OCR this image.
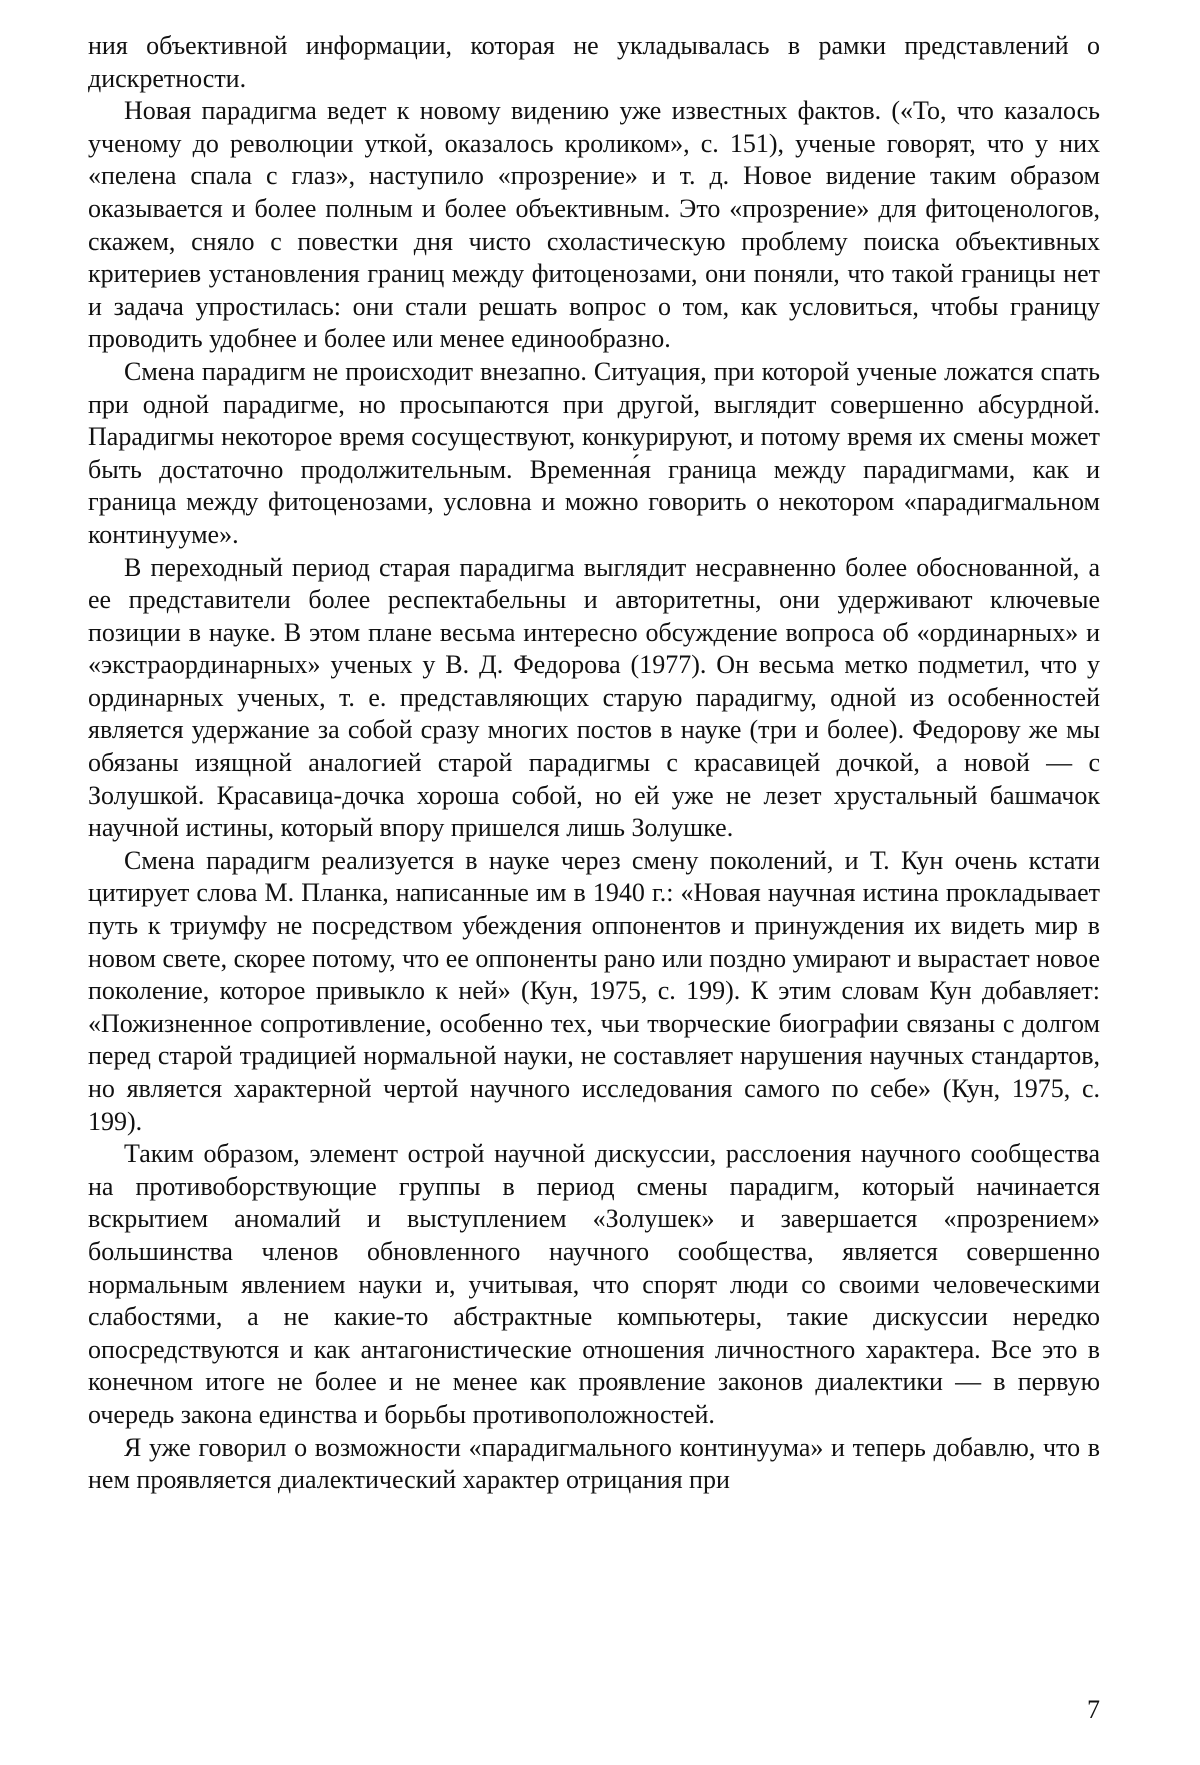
ния объективной информации, которая не укладывалась в рамки представлений о дискретности.

Новая парадигма ведет к новому видению уже известных фактов. («То, что казалось ученому до революции уткой, оказалось кроликом», с. 151), ученые говорят, что у них «пелена спала с глаз», наступило «прозрение» и т. д. Новое видение таким образом оказывается и более полным и более объективным. Это «прозрение» для фитоценологов, скажем, сняло с повестки дня чисто схоластическую проблему поиска объективных критериев установления границ между фитоценозами, они поняли, что такой границы нет и задача упростилась: они стали решать вопрос о том, как условиться, чтобы границу проводить удобнее и более или менее единообразно.

Смена парадигм не происходит внезапно. Ситуация, при которой ученые ложатся спать при одной парадигме, но просыпаются при другой, выглядит совершенно абсурдной. Парадигмы некоторое время сосуществуют, конкурируют, и потому время их смены может быть достаточно продолжительным. Временна́я граница между парадигмами, как и граница между фитоценозами, условна и можно говорить о некотором «парадигмальном континууме».

В переходный период старая парадигма выглядит несравненно более обоснованной, а ее представители более респектабельны и авторитетны, они удерживают ключевые позиции в науке. В этом плане весьма интересно обсуждение вопроса об «ординарных» и «экстраординарных» ученых у В. Д. Федорова (1977). Он весьма метко подметил, что у ординарных ученых, т. е. представляющих старую парадигму, одной из особенностей является удержание за собой сразу многих постов в науке (три и более). Федорову же мы обязаны изящной аналогией старой парадигмы с красавицей дочкой, а новой — с Золушкой. Красавица-дочка хороша собой, но ей уже не лезет хрустальный башмачок научной истины, который впору пришелся лишь Золушке.

Смена парадигм реализуется в науке через смену поколений, и Т. Кун очень кстати цитирует слова М. Планка, написанные им в 1940 г.: «Новая научная истина прокладывает путь к триумфу не посредством убеждения оппонентов и принуждения их видеть мир в новом свете, скорее потому, что ее оппоненты рано или поздно умирают и вырастает новое поколение, которое привыкло к ней» (Кун, 1975, с. 199). К этим словам Кун добавляет: «Пожизненное сопротивление, особенно тех, чьи творческие биографии связаны с долгом перед старой традицией нормальной науки, не составляет нарушения научных стандартов, но является характерной чертой научного исследования самого по себе» (Кун, 1975, с. 199).

Таким образом, элемент острой научной дискуссии, расслоения научного сообщества на противоборствующие группы в период смены парадигм, который начинается вскрытием аномалий и выступлением «Золушек» и завершается «прозрением» большинства членов обновленного научного сообщества, является совершенно нормальным явлением науки и, учитывая, что спорят люди со своими человеческими слабостями, а не какие-то абстрактные компьютеры, такие дискуссии нередко опосредствуются и как антагонистические отношения личностного характера. Все это в конечном итоге не более и не менее как проявление законов диалектики — в первую очередь закона единства и борьбы противоположностей.

Я уже говорил о возможности «парадигмального континуума» и теперь добавлю, что в нем проявляется диалектический характер отрицания при

7
